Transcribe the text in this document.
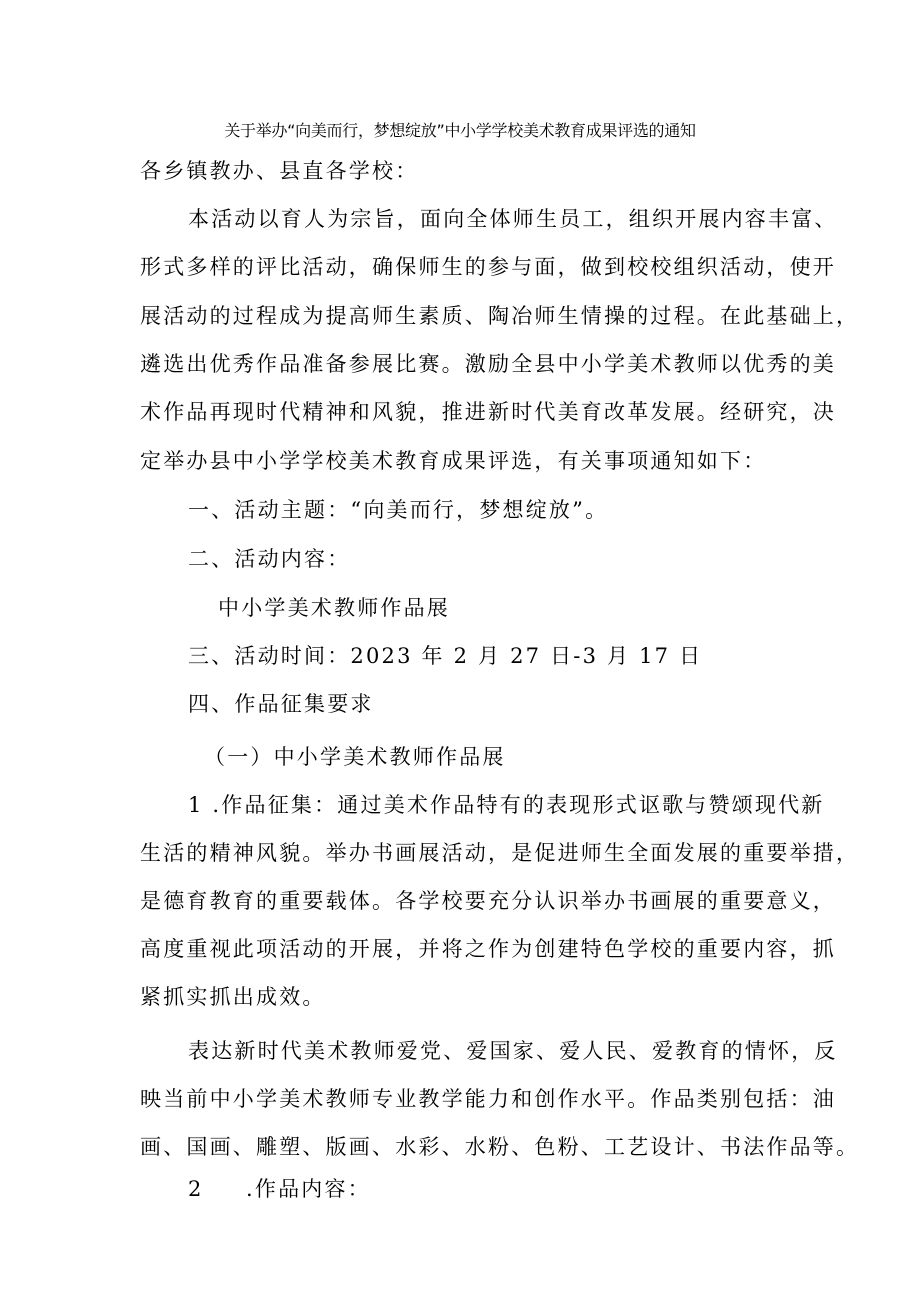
关于举办“向美而行，梦想绽放”中小学学校美术教育成果评选的通知
各乡镇教办、县直各学校：
本活动以育人为宗旨，面向全体师生员工，组织开展内容丰富、
形式多样的评比活动，确保师生的参与面，做到校校组织活动，使开
展活动的过程成为提高师生素质、陶冶师生情操的过程。在此基础上，
遴选出优秀作品准备参展比赛。激励全县中小学美术教师以优秀的美
术作品再现时代精神和风貌，推进新时代美育改革发展。经研究，决
定举办县中小学学校美术教育成果评选，有关事项通知如下：
一、活动主题：“向美而行，梦想绽放”。
二、活动内容：
中小学美术教师作品展
三、活动时间：2023 年 2 月 27 日-3 月 17 日
四、作品征集要求
（一）中小学美术教师作品展
1 .作品征集：通过美术作品特有的表现形式讴歌与赞颂现代新
生活的精神风貌。举办书画展活动，是促进师生全面发展的重要举措，
是德育教育的重要载体。各学校要充分认识举办书画展的重要意义，
高度重视此项活动的开展，并将之作为创建特色学校的重要内容，抓
紧抓实抓出成效。
表达新时代美术教师爱党、爱国家、爱人民、爱教育的情怀，反
映当前中小学美术教师专业教学能力和创作水平。作品类别包括：油
画、国画、雕塑、版画、水彩、水粉、色粉、工艺设计、书法作品等。
2 .作品内容：
